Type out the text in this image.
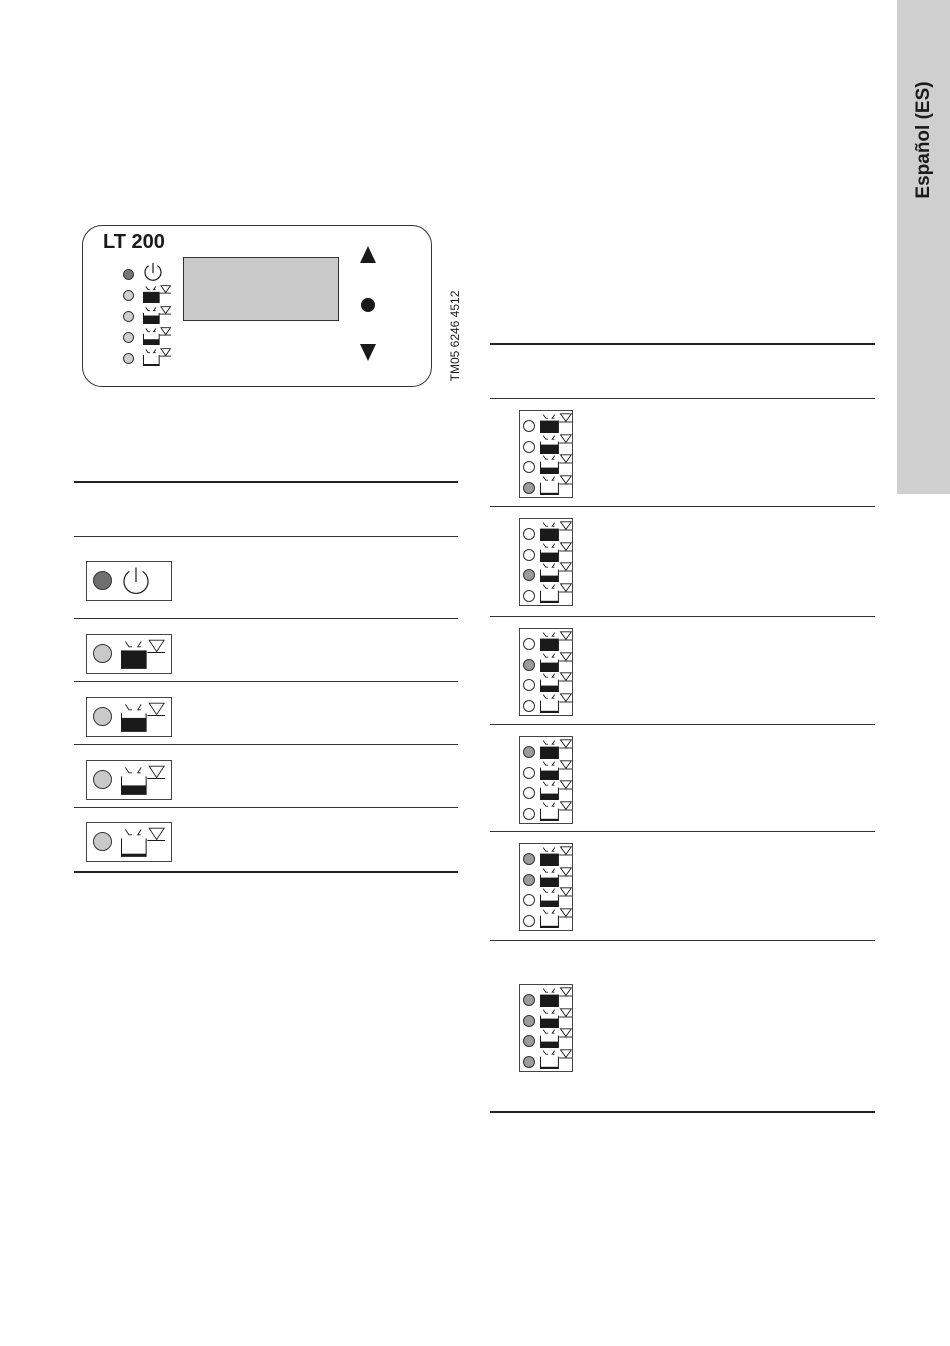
Español (ES)
LT 200
TM05 6246 4512
